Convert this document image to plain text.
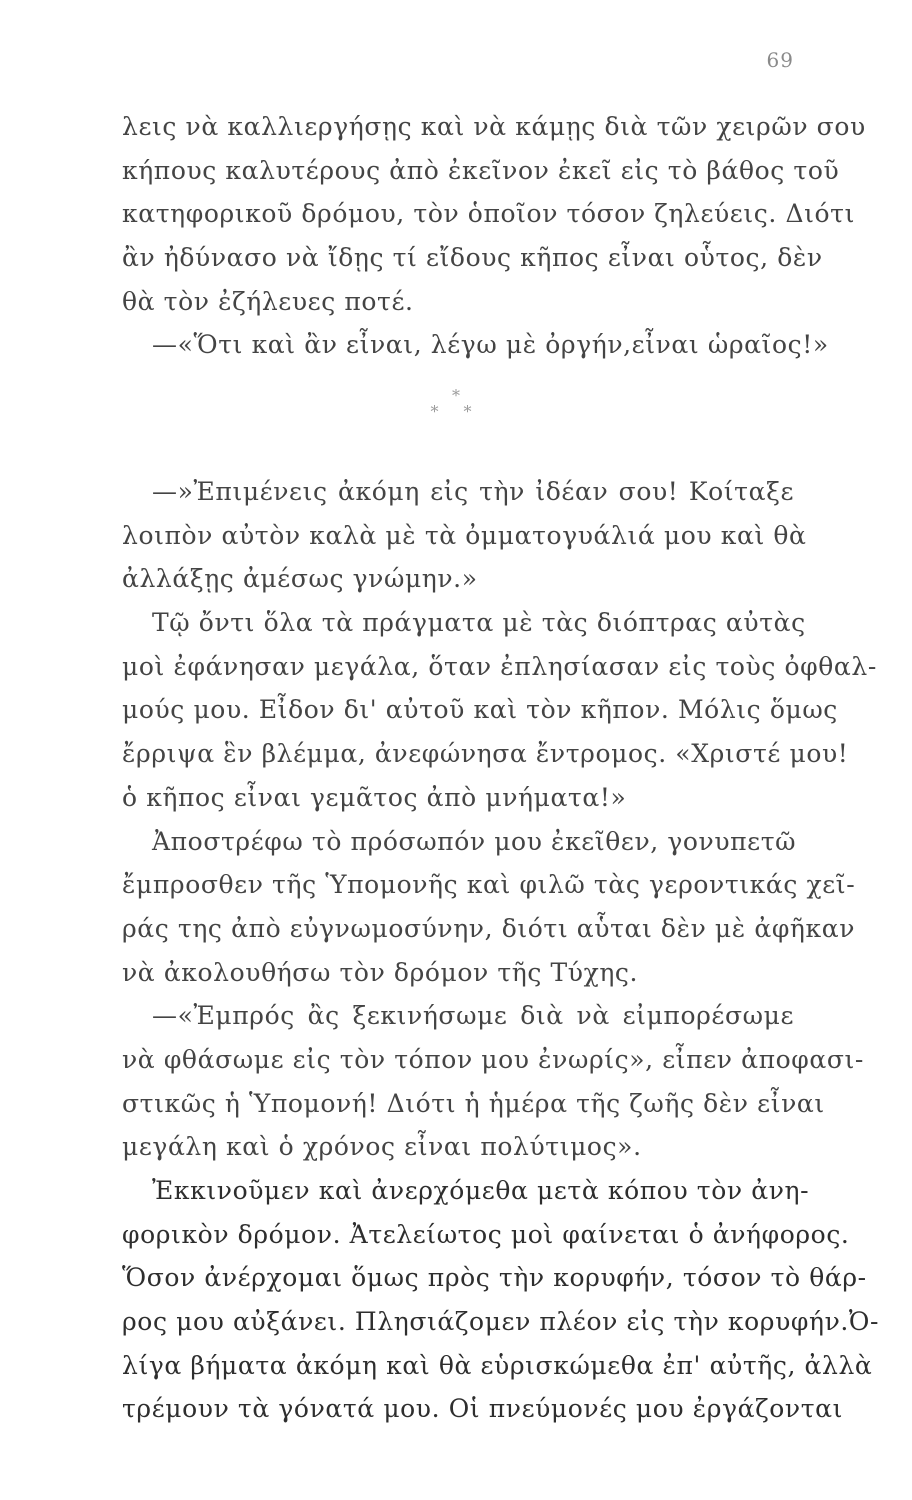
69
λεις νὰ καλλιεργήσῃς καὶ νὰ κάμῃς διὰ τῶν χειρῶν σου
κήπους καλυτέρους ἀπὸ ἐκεῖνον ἐκεῖ εἰς τὸ βάθος τοῦ
κατηφορικοῦ δρόμου, τὸν ὁποῖον τόσον ζηλεύεις. Διότι
ἂν ἠδύνασο νὰ ἴδῃς τί εἴδους κῆπος εἶναι οὗτος, δὲν
θὰ τὸν ἐζήλευες ποτέ.
—«Ὅτι καὶ ἂν εἶναι, λέγω μὲ ὀργήν,εἶναι ὡραῖος!»
*
* *
—»Ἐπιμένεις ἀκόμη εἰς τὴν ἰδέαν σου! Κοίταξε
λοιπὸν αὐτὸν καλὰ μὲ τὰ ὀμματογυάλιά μου καὶ θὰ
ἀλλάξῃς ἀμέσως γνώμην.»
Τῷ ὄντι ὅλα τὰ πράγματα μὲ τὰς διόπτρας αὐτὰς
μοὶ ἐφάνησαν μεγάλα, ὅταν ἐπλησίασαν εἰς τοὺς ὀφθαλ-
μούς μου. Εἶδον δι' αὐτοῦ καὶ τὸν κῆπον. Μόλις ὅμως
ἔρριψα ἓν βλέμμα, ἀνεφώνησα ἔντρομος. «Χριστέ μου!
ὁ κῆπος εἶναι γεμᾶτος ἀπὸ μνήματα!»
Ἀποστρέφω τὸ πρόσωπόν μου ἐκεῖθεν, γονυπετῶ
ἔμπροσθεν τῆς Ὑπομονῆς καὶ φιλῶ τὰς γεροντικάς χεῖ-
ράς της ἀπὸ εὐγνωμοσύνην, διότι αὗται δὲν μὲ ἀφῆκαν
νὰ ἀκολουθήσω τὸν δρόμον τῆς Τύχης.
—«Ἐμπρός ἂς ξεκινήσωμε διὰ νὰ εἰμπορέσωμε
νὰ φθάσωμε εἰς τὸν τόπον μου ἐνωρίς», εἶπεν ἀποφασι-
στικῶς ἡ Ὑπομονή! Διότι ἡ ἡμέρα τῆς ζωῆς δὲν εἶναι
μεγάλη καὶ ὁ χρόνος εἶναι πολύτιμος».
Ἐκκινοῦμεν καὶ ἀνερχόμεθα μετὰ κόπου τὸν ἀνη-
φορικὸν δρόμον. Ἀτελείωτος μοὶ φαίνεται ὁ ἀνήφορος.
Ὅσον ἀνέρχομαι ὅμως πρὸς τὴν κορυφήν, τόσον τὸ θάρ-
ρος μου αὐξάνει. Πλησιάζομεν πλέον εἰς τὴν κορυφήν.Ὀ-
λίγα βήματα ἀκόμη καὶ θὰ εὑρισκώμεθα ἐπ' αὐτῆς, ἀλλὰ
τρέμουν τὰ γόνατά μου. Οἱ πνεύμονές μου ἐργάζονται
